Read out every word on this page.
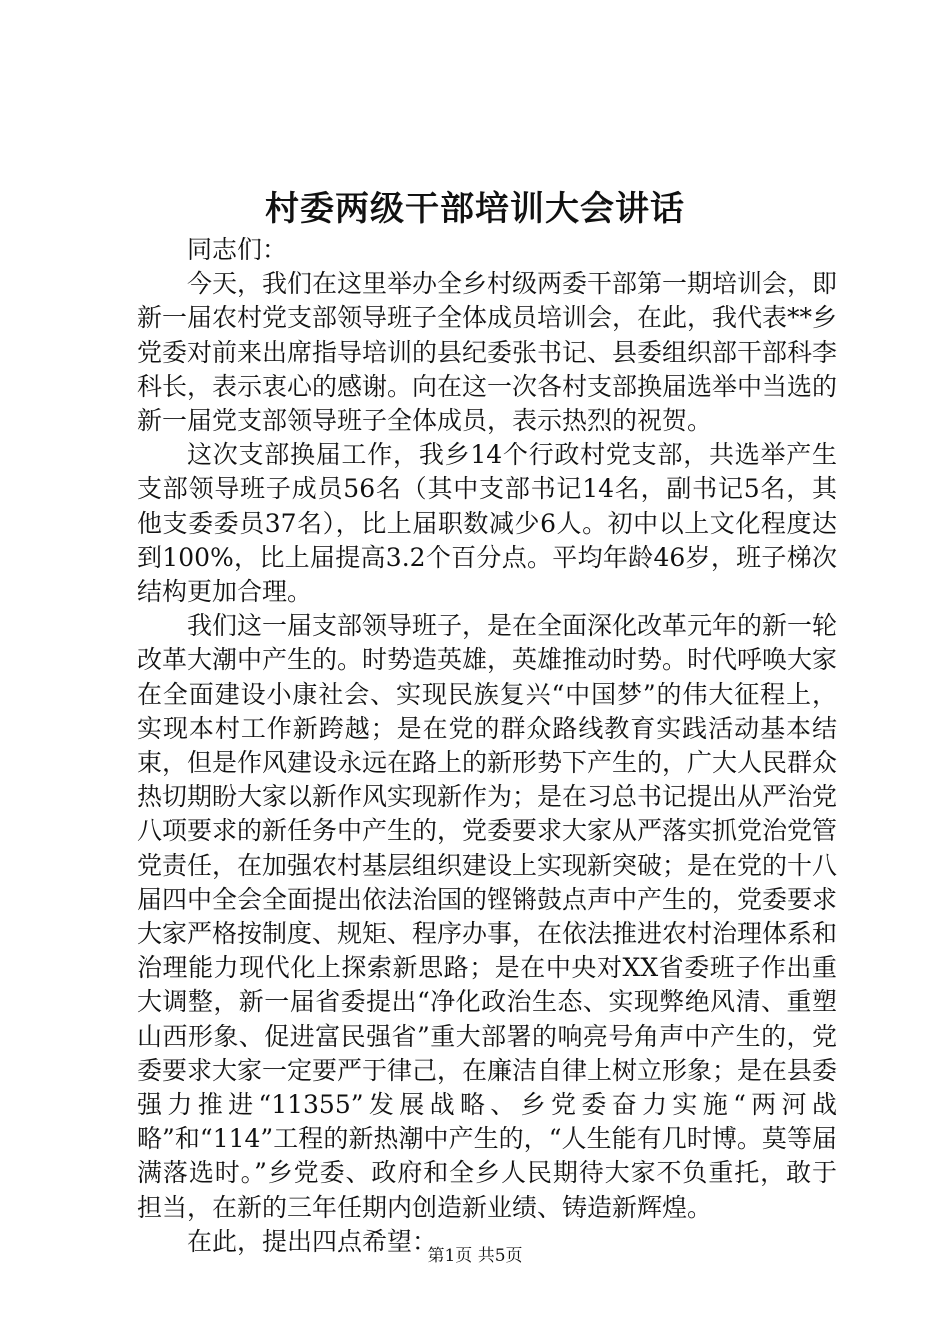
村委两级干部培训大会讲话

同志们：

今天，我们在这里举办全乡村级两委干部第一期培训会，即新一届农村党支部领导班子全体成员培训会，在此，我代表**乡党委对前来出席指导培训的县纪委张书记、县委组织部干部科李科长，表示衷心的感谢。向在这一次各村支部换届选举中当选的新一届党支部领导班子全体成员，表示热烈的祝贺。

这次支部换届工作，我乡14个行政村党支部，共选举产生支部领导班子成员56名（其中支部书记14名，副书记5名，其他支委委员37名），比上届职数减少6人。初中以上文化程度达到100%，比上届提高3.2个百分点。平均年龄46岁，班子梯次结构更加合理。

我们这一届支部领导班子，是在全面深化改革元年的新一轮改革大潮中产生的。时势造英雄，英雄推动时势。时代呼唤大家在全面建设小康社会、实现民族复兴“中国梦”的伟大征程上，实现本村工作新跨越；是在党的群众路线教育实践活动基本结束，但是作风建设永远在路上的新形势下产生的，广大人民群众热切期盼大家以新作风实现新作为；是在习总书记提出从严治党八项要求的新任务中产生的，党委要求大家从严落实抓党治党管党责任，在加强农村基层组织建设上实现新突破；是在党的十八届四中全会全面提出依法治国的铿锵鼓点声中产生的，党委要求大家严格按制度、规矩、程序办事，在依法推进农村治理体系和治理能力现代化上探索新思路；是在中央对XX省委班子作出重大调整，新一届省委提出“净化政治生态、实现弊绝风清、重塑山西形象、促进富民强省”重大部署的响亮号角声中产生的，党委要求大家一定要严于律己，在廉洁自律上树立形象；是在县委强力推进“11355”发展战略、乡党委奋力实施“两河战略”和“114”工程的新热潮中产生的，“人生能有几时博。莫等届满落选时。”乡党委、政府和全乡人民期待大家不负重托，敢于担当，在新的三年任期内创造新业绩、铸造新辉煌。

在此，提出四点希望：

第1页 共5页
